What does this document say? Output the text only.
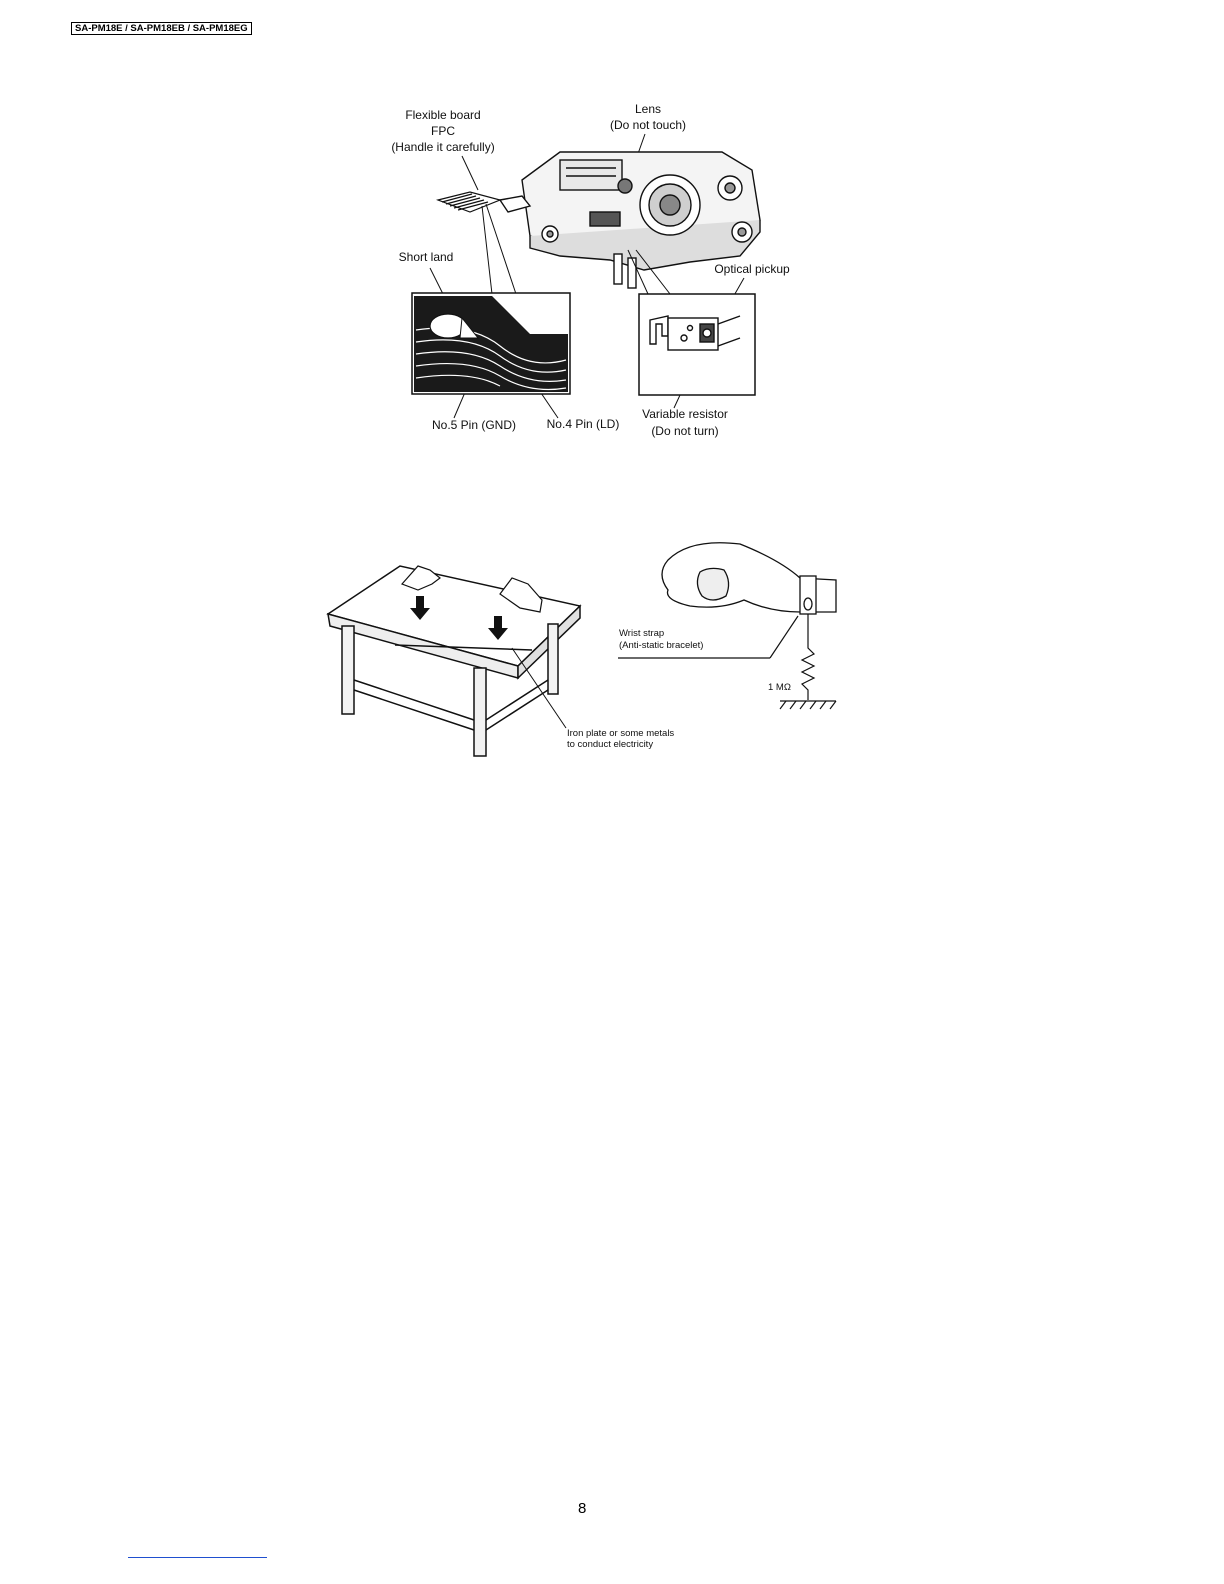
SA-PM18E / SA-PM18EB / SA-PM18EG
Flexible board
FPC
(Handle it carefully)
Lens
(Do not touch)
Short land
Optical pickup
No.5 Pin (GND)	No.4 Pin (LD)
Variable resistor
(Do not turn)
Iron plate or some metals
to conduct electricity
Wrist strap
(Anti-static bracelet)
1 MΩ
8
